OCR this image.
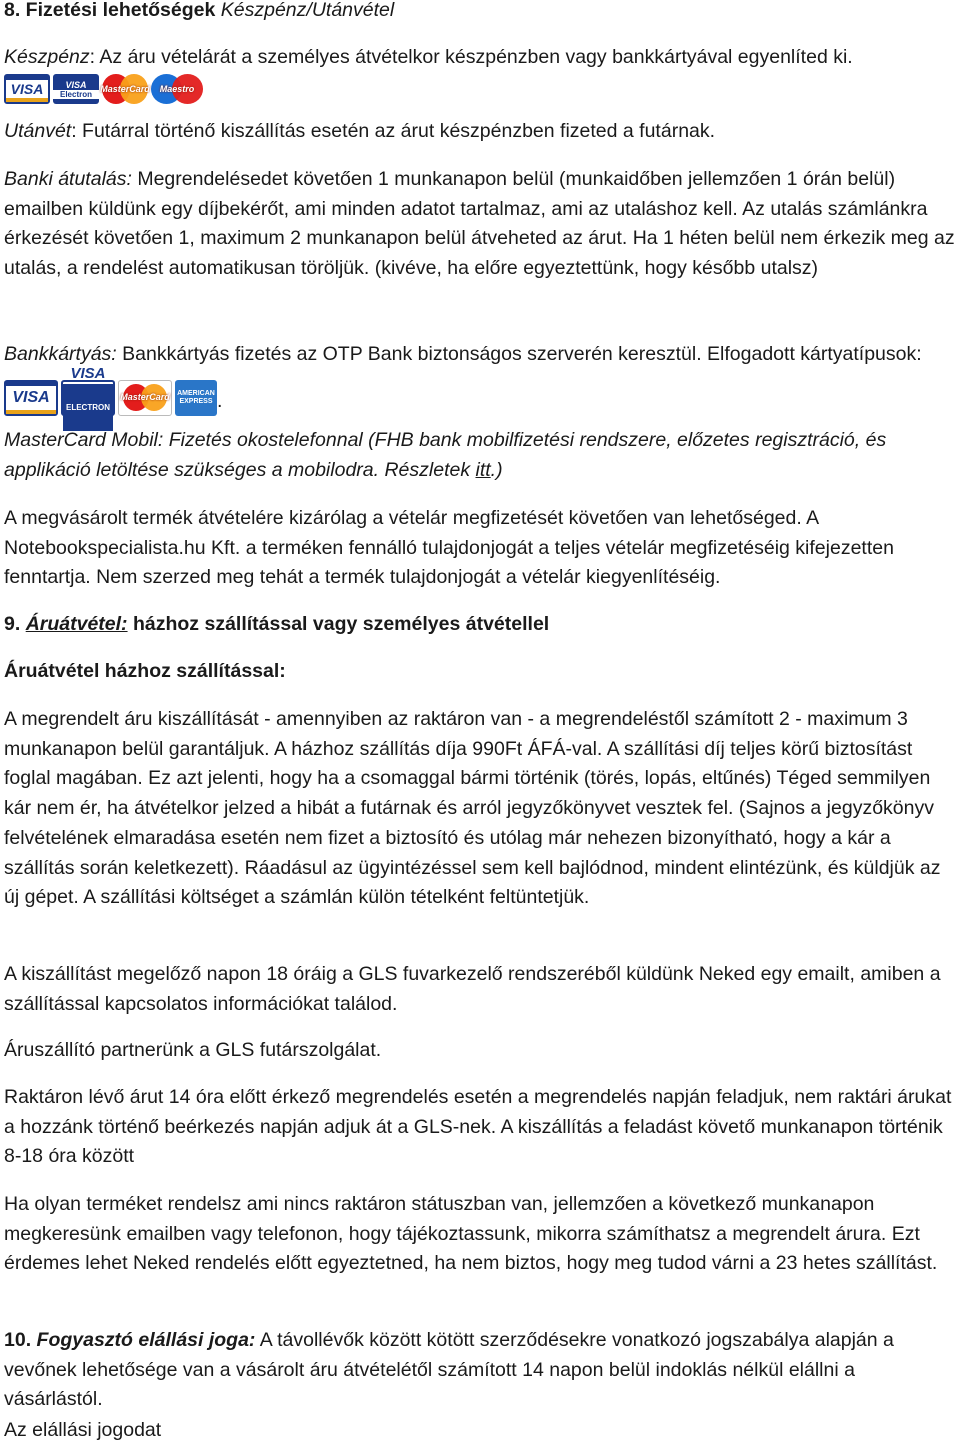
8. Fizetési lehetőségek Készpénz/Utánvétel

Készpénz: Az áru vételárát a személyes átvételkor készpénzben vagy bankkártyával egyenlíted ki.

VISA VISA
Electron MasterCard Maestro

Utánvét: Futárral történő kiszállítás esetén az árut készpénzben fizeted a futárnak.

Banki átutalás: Megrendelésedet követően 1 munkanapon belül (munkaidőben jellemzően 1 órán belül) emailben küldünk egy díjbekérőt, ami minden adatot tartalmaz, ami az utaláshoz kell. Az utalás számlánkra érkezését követően 1, maximum 2 munkanapon belül átveheted az árut. Ha 1 héten belül nem érkezik meg az utalás, a rendelést automatikusan töröljük. (kivéve, ha előre egyeztettünk, hogy később utalsz)

Bankkártyás: Bankkártyás fizetés az OTP Bank biztonságos szerverén keresztül. Elfogadott kártyatípusok:
VISA
VISA
ELECTRON
MasterCard	AMERICAN EXPRESS .

MasterCard Mobil: Fizetés okostelefonnal (FHB bank mobilfizetési rendszere, előzetes regisztráció, és applikáció letöltése szükséges a mobilodra. Részletek itt.)

A megvásárolt termék átvételére kizárólag a vételár megfizetését követően van lehetőséged. A Notebookspecialista.hu Kft. a terméken fennálló tulajdonjogát a teljes vételár megfizetéséig kifejezetten fenntartja. Nem szerzed meg tehát a termék tulajdonjogát a vételár kiegyenlítéséig.

9. Áruátvétel: házhoz szállítással vagy személyes átvétellel

Áruátvétel házhoz szállítással:

A megrendelt áru kiszállítását - amennyiben az raktáron van - a megrendeléstől számított 2 - maximum 3 munkanapon belül garantáljuk. A házhoz szállítás díja 990Ft ÁFÁ-val. A szállítási díj teljes körű biztosítást foglal magában. Ez azt jelenti, hogy ha a csomaggal bármi történik (törés, lopás, eltűnés) Téged semmilyen kár nem ér, ha átvételkor jelzed a hibát a futárnak és arról jegyzőkönyvet vesztek fel. (Sajnos a jegyzőkönyv felvételének elmaradása esetén nem fizet a biztosító és utólag már nehezen bizonyítható, hogy a kár a szállítás során keletkezett). Ráadásul az ügyintézéssel sem kell bajlódnod, mindent elintézünk, és küldjük az új gépet. A szállítási költséget a számlán külön tételként feltüntetjük.

A kiszállítást megelőző napon 18 óráig a GLS fuvarkezelő rendszeréből küldünk Neked egy emailt, amiben a szállítással kapcsolatos információkat találod.

Áruszállító partnerünk a GLS futárszolgálat.

Raktáron lévő árut 14 óra előtt érkező megrendelés esetén a megrendelés napján feladjuk, nem raktári árukat a hozzánk történő beérkezés napján adjuk át a GLS-nek. A kiszállítás a feladást követő munkanapon történik 8-18 óra között

Ha olyan terméket rendelsz ami nincs raktáron státuszban van, jellemzően a következő munkanapon megkeresünk emailben vagy telefonon, hogy tájékoztassunk, mikorra számíthatsz a megrendelt árura. Ezt érdemes lehet Neked rendelés előtt egyeztetned, ha nem biztos, hogy meg tudod várni a 23 hetes szállítást.

10. Fogyasztó elállási joga: A távollévők között kötött szerződésekre vonatkozó jogszabálya alapján a vevőnek lehetősége van a vásárolt áru átvételétől számított 14 napon belül indoklás nélkül elállni a vásárlástól.

Az elállási jogodat
